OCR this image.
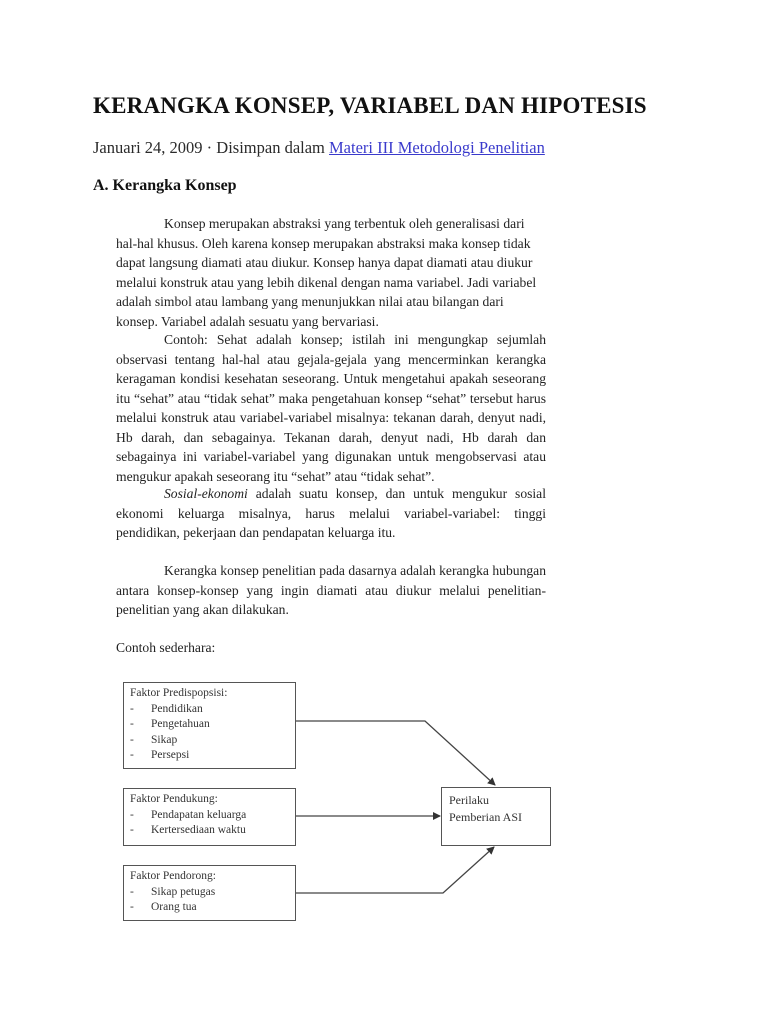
KERANGKA KONSEP, VARIABEL DAN HIPOTESIS
Januari 24, 2009 · Disimpan dalam Materi III Metodologi Penelitian
A. Kerangka Konsep

Konsep merupakan abstraksi yang terbentuk oleh generalisasi dari hal-hal khusus. Oleh karena konsep merupakan abstraksi maka konsep tidak dapat langsung diamati atau diukur. Konsep hanya dapat diamati atau diukur melalui konstruk atau yang lebih dikenal dengan nama variabel. Jadi variabel adalah simbol atau lambang yang menunjukkan nilai atau bilangan dari konsep. Variabel adalah sesuatu yang bervariasi.

Contoh: Sehat adalah konsep; istilah ini mengungkap sejumlah observasi tentang hal-hal atau gejala-gejala yang mencerminkan kerangka keragaman kondisi kesehatan seseorang. Untuk mengetahui apakah seseorang itu “sehat” atau “tidak sehat” maka pengetahuan konsep “sehat” tersebut harus melalui konstruk atau variabel-variabel misalnya: tekanan darah, denyut nadi, Hb darah, dan sebagainya. Tekanan darah, denyut nadi, Hb darah dan sebagainya ini variabel-variabel yang digunakan untuk mengobservasi atau mengukur apakah seseorang itu “sehat” atau “tidak sehat”.

Sosial-ekonomi adalah suatu konsep, dan untuk mengukur sosial ekonomi keluarga misalnya, harus melalui variabel-variabel: tinggi pendidikan, pekerjaan dan pendapatan keluarga itu.

Kerangka konsep penelitian pada dasarnya adalah kerangka hubungan antara konsep-konsep yang ingin diamati atau diukur melalui penelitian-penelitian yang akan dilakukan.

Contoh sederhara:

Faktor Predispopsisi:
- Pendidikan
- Pengetahuan
- Sikap
- Persepsi
Faktor Pendukung:
- Pendapatan keluarga
- Kertersediaan waktu
Faktor Pendorong:
- Sikap petugas
- Orang tua
Perilaku
Pemberian ASI
